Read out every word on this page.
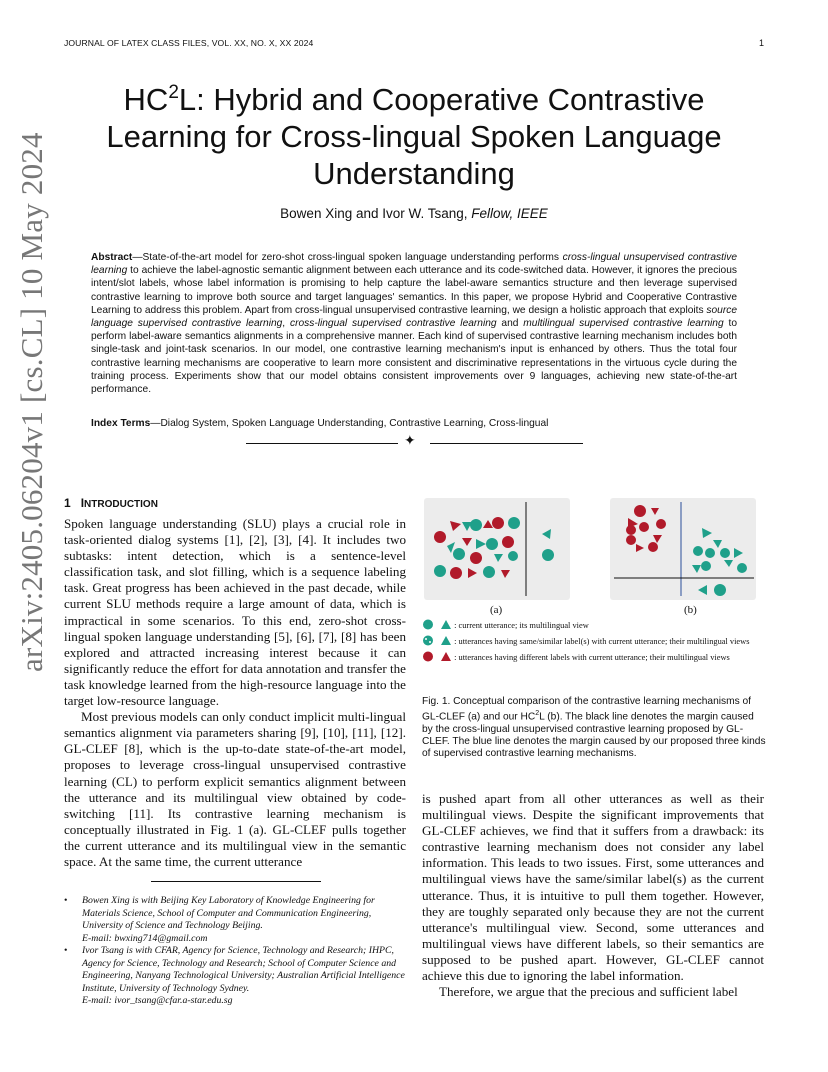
JOURNAL OF LATEX CLASS FILES, VOL. XX, NO. X, XX 2024	1
$HC^2L$: Hybrid and Cooperative Contrastive
Learning for Cross-lingual Spoken Language
Understanding
Bowen Xing and Ivor W. Tsang, Fellow, IEEE
Abstract—State-of-the-art model for zero-shot cross-lingual spoken language understanding performs cross-lingual unsupervised contrastive learning to achieve the label-agnostic semantic alignment between each utterance and its code-switched data. However, it ignores the precious intent/slot labels, whose label information is promising to help capture the label-aware semantics structure and then leverage supervised contrastive learning to improve both source and target languages' semantics. In this paper, we propose Hybrid and Cooperative Contrastive Learning to address this problem. Apart from cross-lingual unsupervised contrastive learning, we design a holistic approach that exploits source language supervised contrastive learning, cross-lingual supervised contrastive learning and multilingual supervised contrastive learning to perform label-aware semantics alignments in a comprehensive manner. Each kind of supervised contrastive learning mechanism includes both single-task and joint-task scenarios. In our model, one contrastive learning mechanism's input is enhanced by others. Thus the total four contrastive learning mechanisms are cooperative to learn more consistent and discriminative representations in the virtuous cycle during the training process. Experiments show that our model obtains consistent improvements over 9 languages, achieving new state-of-the-art performance.
Index Terms—Dialog System, Spoken Language Understanding, Contrastive Learning, Cross-lingual
✦
arXiv:2405.06204v1 [cs.CL] 10 May 2024 1 INTRODUCTION

Spoken language understanding (SLU) plays a crucial role in task-oriented dialog systems [1], [2], [3], [4]. It includes two subtasks: intent detection, which is a sentence-level classification task, and slot filling, which is a sequence labeling task. Great progress has been achieved in the past decade, while current SLU methods require a large amount of data, which is impractical in some scenarios. To this end, zero-shot cross-lingual spoken language understanding [5], [6], [7], [8] has been explored and attracted increasing interest because it can significantly reduce the effort for data annotation and transfer the task knowledge learned from the high-resource language into the target low-resource language.

Most previous models can only conduct implicit multi-lingual semantics alignment via parameters sharing [9], [10], [11], [12]. GL-CLEF [8], which is the up-to-date state-of-the-art model, proposes to leverage cross-lingual unsupervised contrastive learning (CL) to perform explicit semantics alignment between the utterance and its multilingual view obtained by code-switching [11]. Its contrastive learning mechanism is conceptually illustrated in Fig. 1 (a). GL-CLEF pulls together the current utterance and its multilingual view in the semantic space. At the same time, the current utterance

• Bowen Xing is with Beijing Key Laboratory of Knowledge Engineering for Materials Science, School of Computer and Communication Engineering, University of Science and Technology Beijing.
E-mail: bwxing714@gmail.com
• Ivor Tsang is with CFAR, Agency for Science, Technology and Research; IHPC, Agency for Science, Technology and Research; School of Computer Science and Engineering, Nanyang Technological University; Australian Artificial Intelligence Institute, University of Technology Sydney.
E-mail: ivor_tsang@cfar.a-star.edu.sg
(a)	(b)
: current utterance; its multilingual view
: utterances having same/similar label(s) with current utterance; their multilingual views
: utterances having different labels with current utterance; their multilingual views
Fig. 1. Conceptual comparison of the contrastive learning mechanisms of GL-CLEF (a) and our $HC^2L$ (b). The black line denotes the margin caused by the cross-lingual unsupervised contrastive learning proposed by GL-CLEF. The blue line denotes the margin caused by our proposed three kinds of supervised contrastive learning mechanisms.

is pushed apart from all other utterances as well as their multilingual views. Despite the significant improvements that GL-CLEF achieves, we find that it suffers from a drawback: its contrastive learning mechanism does not consider any label information. This leads to two issues. First, some utterances and multilingual views have the same/similar label(s) as the current utterance. Thus, it is intuitive to pull them together. However, they are toughly separated only because they are not the current utterance's multilingual view. Second, some utterances and multilingual views have different labels, so their semantics are supposed to be pushed apart. However, GL-CLEF cannot achieve this due to ignoring the label information.

Therefore, we argue that the precious and sufficient label
